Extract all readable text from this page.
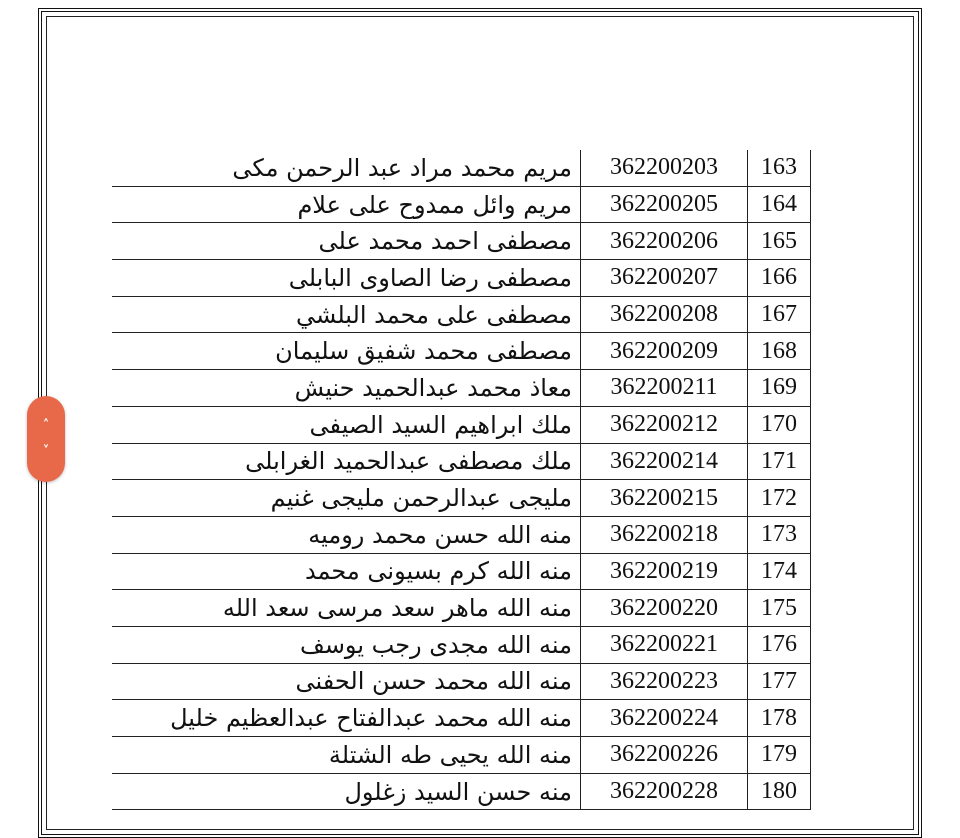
163	362200203	مريم محمد مراد عبد الرحمن مكى
164	362200205	مريم وائل ممدوح على علام
165	362200206	مصطفى احمد محمد على
166	362200207	مصطفى رضا الصاوى البابلى
167	362200208	مصطفى على محمد البلشي
168	362200209	مصطفى محمد شفيق سليمان
169	362200211	معاذ محمد عبدالحميد حنيش
170	362200212	ملك ابراهيم السيد الصيفى
171	362200214	ملك مصطفى عبدالحميد الغرابلى
172	362200215	مليجى عبدالرحمن مليجى غنيم
173	362200218	منه الله حسن محمد روميه
174	362200219	منه الله كرم بسيونى محمد
175	362200220	منه الله ماهر سعد مرسى سعد الله
176	362200221	منه الله مجدى رجب يوسف
177	362200223	منه الله محمد حسن الحفنى
178	362200224	منه الله محمد عبدالفتاح عبدالعظيم خليل
179	362200226	منه الله يحيى طه الشتلة
180	362200228	منه حسن السيد زغلول
˄
˅
